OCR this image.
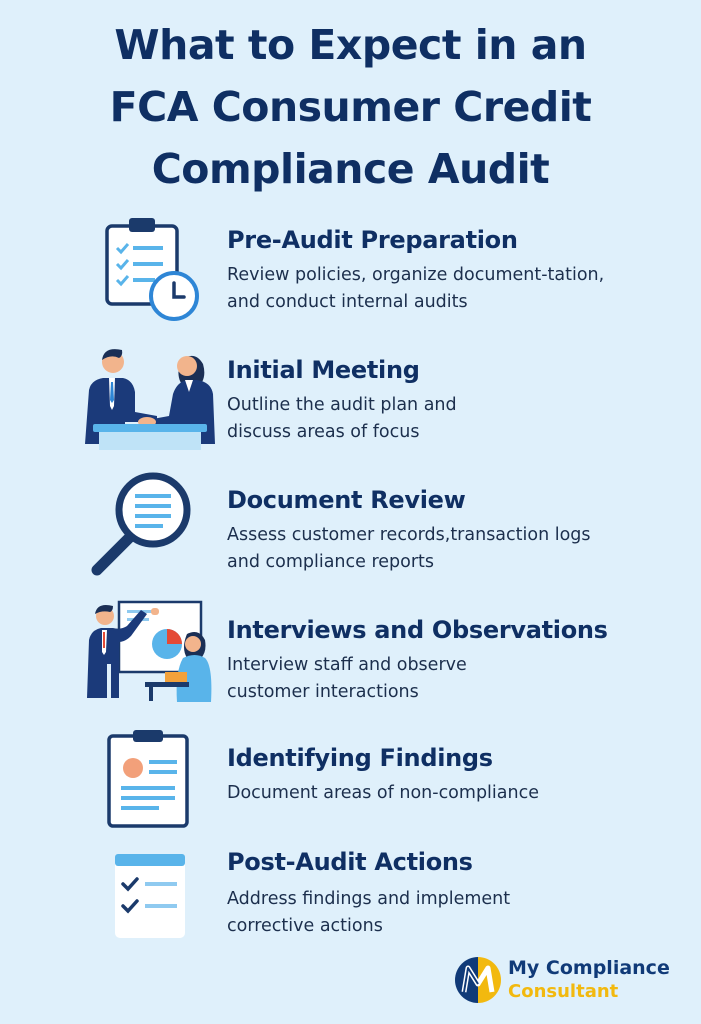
What to Expect in an
FCA Consumer Credit
Compliance Audit
Pre-Audit Preparation

Review policies, organize document-tation,
and conduct internal audits

Initial Meeting

Outline the audit plan and
discuss areas of focus

Document Review

Assess customer records,transaction logs
and compliance reports

Interviews and Observations

Interview staff and observe
customer interactions

Identifying Findings

Document areas of non-compliance

Post-Audit Actions

Address findings and implement
corrective actions

My Compliance
Consultant
